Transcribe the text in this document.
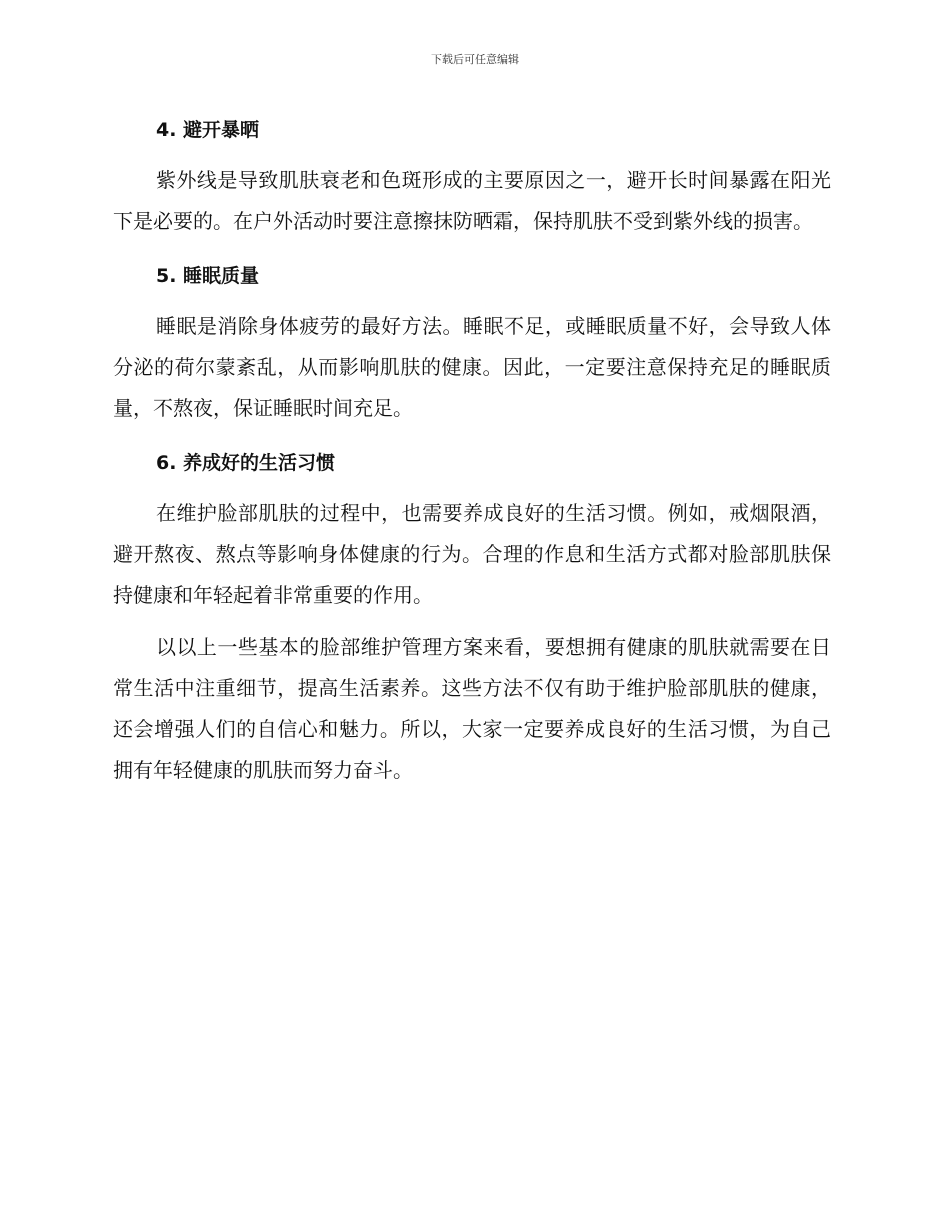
下载后可任意编辑
4. 避开暴晒

紫外线是导致肌肤衰老和色斑形成的主要原因之一，避开长时间暴露在阳光下是必要的。在户外活动时要注意擦抹防晒霜，保持肌肤不受到紫外线的损害。

5. 睡眠质量

睡眠是消除身体疲劳的最好方法。睡眠不足，或睡眠质量不好，会导致人体分泌的荷尔蒙紊乱，从而影响肌肤的健康。因此，一定要注意保持充足的睡眠质量，不熬夜，保证睡眠时间充足。

6. 养成好的生活习惯

在维护脸部肌肤的过程中，也需要养成良好的生活习惯。例如，戒烟限酒，避开熬夜、熬点等影响身体健康的行为。合理的作息和生活方式都对脸部肌肤保持健康和年轻起着非常重要的作用。

以以上一些基本的脸部维护管理方案来看，要想拥有健康的肌肤就需要在日常生活中注重细节，提高生活素养。这些方法不仅有助于维护脸部肌肤的健康，还会增强人们的自信心和魅力。所以，大家一定要养成良好的生活习惯，为自己拥有年轻健康的肌肤而努力奋斗。
